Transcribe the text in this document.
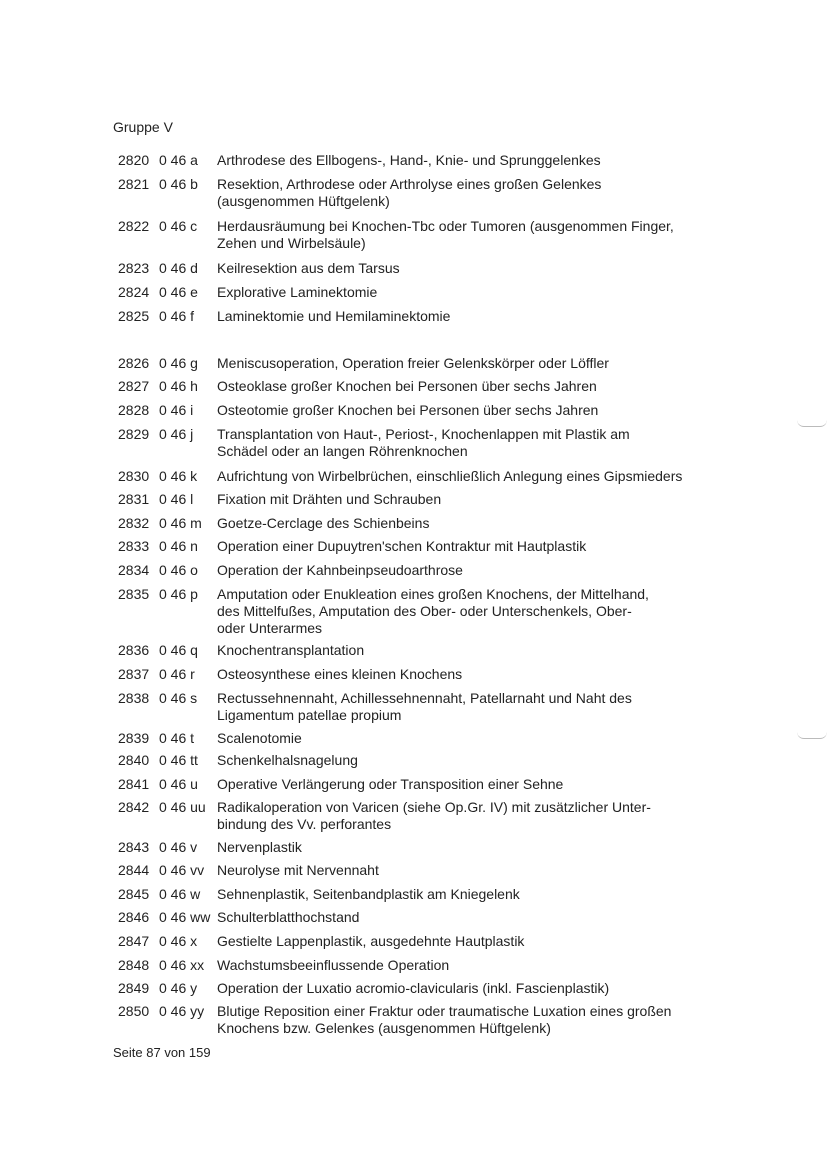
Gruppe V
2820 0 46 a	Arthrodese des Ellbogens-, Hand-, Knie- und Sprunggelenkes
2821 0 46 b	Resektion, Arthrodese oder Arthrolyse eines großen Gelenkes
(ausgenommen Hüftgelenk)
2822 0 46 c	Herdausräumung bei Knochen-Tbc oder Tumoren (ausgenommen Finger,
Zehen und Wirbelsäule)
2823 0 46 d	Keilresektion aus dem Tarsus
2824 0 46 e	Explorative Laminektomie
2825 0 46 f	Laminektomie und Hemilaminektomie
2826 0 46 g	Meniscusoperation, Operation freier Gelenkskörper oder Löffler
2827 0 46 h	Osteoklase großer Knochen bei Personen über sechs Jahren
2828 0 46 i	Osteotomie großer Knochen bei Personen über sechs Jahren
2829 0 46 j	Transplantation von Haut-, Periost-, Knochenlappen mit Plastik am
Schädel oder an langen Röhrenknochen
2830 0 46 k	Aufrichtung von Wirbelbrüchen, einschließlich Anlegung eines Gipsmieders
2831 0 46 l	Fixation mit Drähten und Schrauben
2832 0 46 m	Goetze-Cerclage des Schienbeins
2833 0 46 n	Operation einer Dupuytren'schen Kontraktur mit Hautplastik
2834 0 46 o	Operation der Kahnbeinpseudoarthrose
2835 0 46 p	Amputation oder Enukleation eines großen Knochens, der Mittelhand,
des Mittelfußes, Amputation des Ober- oder Unterschenkels, Ober-
oder Unterarmes
2836 0 46 q	Knochentransplantation
2837 0 46 r	Osteosynthese eines kleinen Knochens
2838 0 46 s	Rectussehnennaht, Achillessehnennaht, Patellarnaht und Naht des
Ligamentum patellae propium
2839 0 46 t	Scalenotomie
2840 0 46 tt	Schenkelhalsnagelung
2841 0 46 u	Operative Verlängerung oder Transposition einer Sehne
2842 0 46 uu Radikaloperation von Varicen (siehe Op.Gr. IV) mit zusätzlicher Unter-
bindung des Vv. perforantes
2843 0 46 v	Nervenplastik
2844 0 46 vv Neurolyse mit Nervennaht
2845 0 46 w	Sehnenplastik, Seitenbandplastik am Kniegelenk
2846 0 46 ww Schulterblatthochstand
2847 0 46 x	Gestielte Lappenplastik, ausgedehnte Hautplastik
2848 0 46 xx Wachstumsbeeinflussende Operation
2849 0 46 y	Operation der Luxatio acromio-clavicularis (inkl. Fascienplastik)
2850 0 46 yy Blutige Reposition einer Fraktur oder traumatische Luxation eines großen
Knochens bzw. Gelenkes (ausgenommen Hüftgelenk)
Seite 87 von 159
